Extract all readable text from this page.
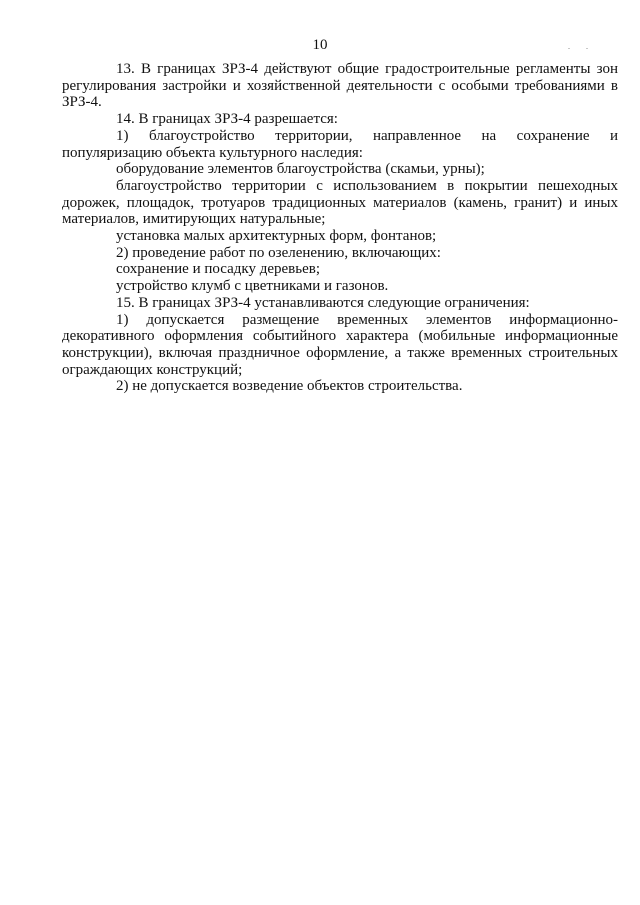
10

13. В границах ЗРЗ-4 действуют общие градостроительные регламенты зон регулирования застройки и хозяйственной деятельности с особыми требованиями в ЗРЗ-4.

14. В границах ЗРЗ-4 разрешается:

1) благоустройство территории, направленное на сохранение и популяризацию объекта культурного наследия:

оборудование элементов благоустройства (скамьи, урны);

благоустройство территории с использованием в покрытии пешеходных дорожек, площадок, тротуаров традиционных материалов (камень, гранит) и иных материалов, имитирующих натуральные;

установка малых архитектурных форм, фонтанов;

2) проведение работ по озеленению, включающих:

сохранение и посадку деревьев;

устройство клумб с цветниками и газонов.

15. В границах ЗРЗ-4 устанавливаются следующие ограничения:

1) допускается размещение временных элементов информационно-декоративного оформления событийного характера (мобильные информационные конструкции), включая праздничное оформление, а также временных строительных ограждающих конструкций;

2) не допускается возведение объектов строительства.
